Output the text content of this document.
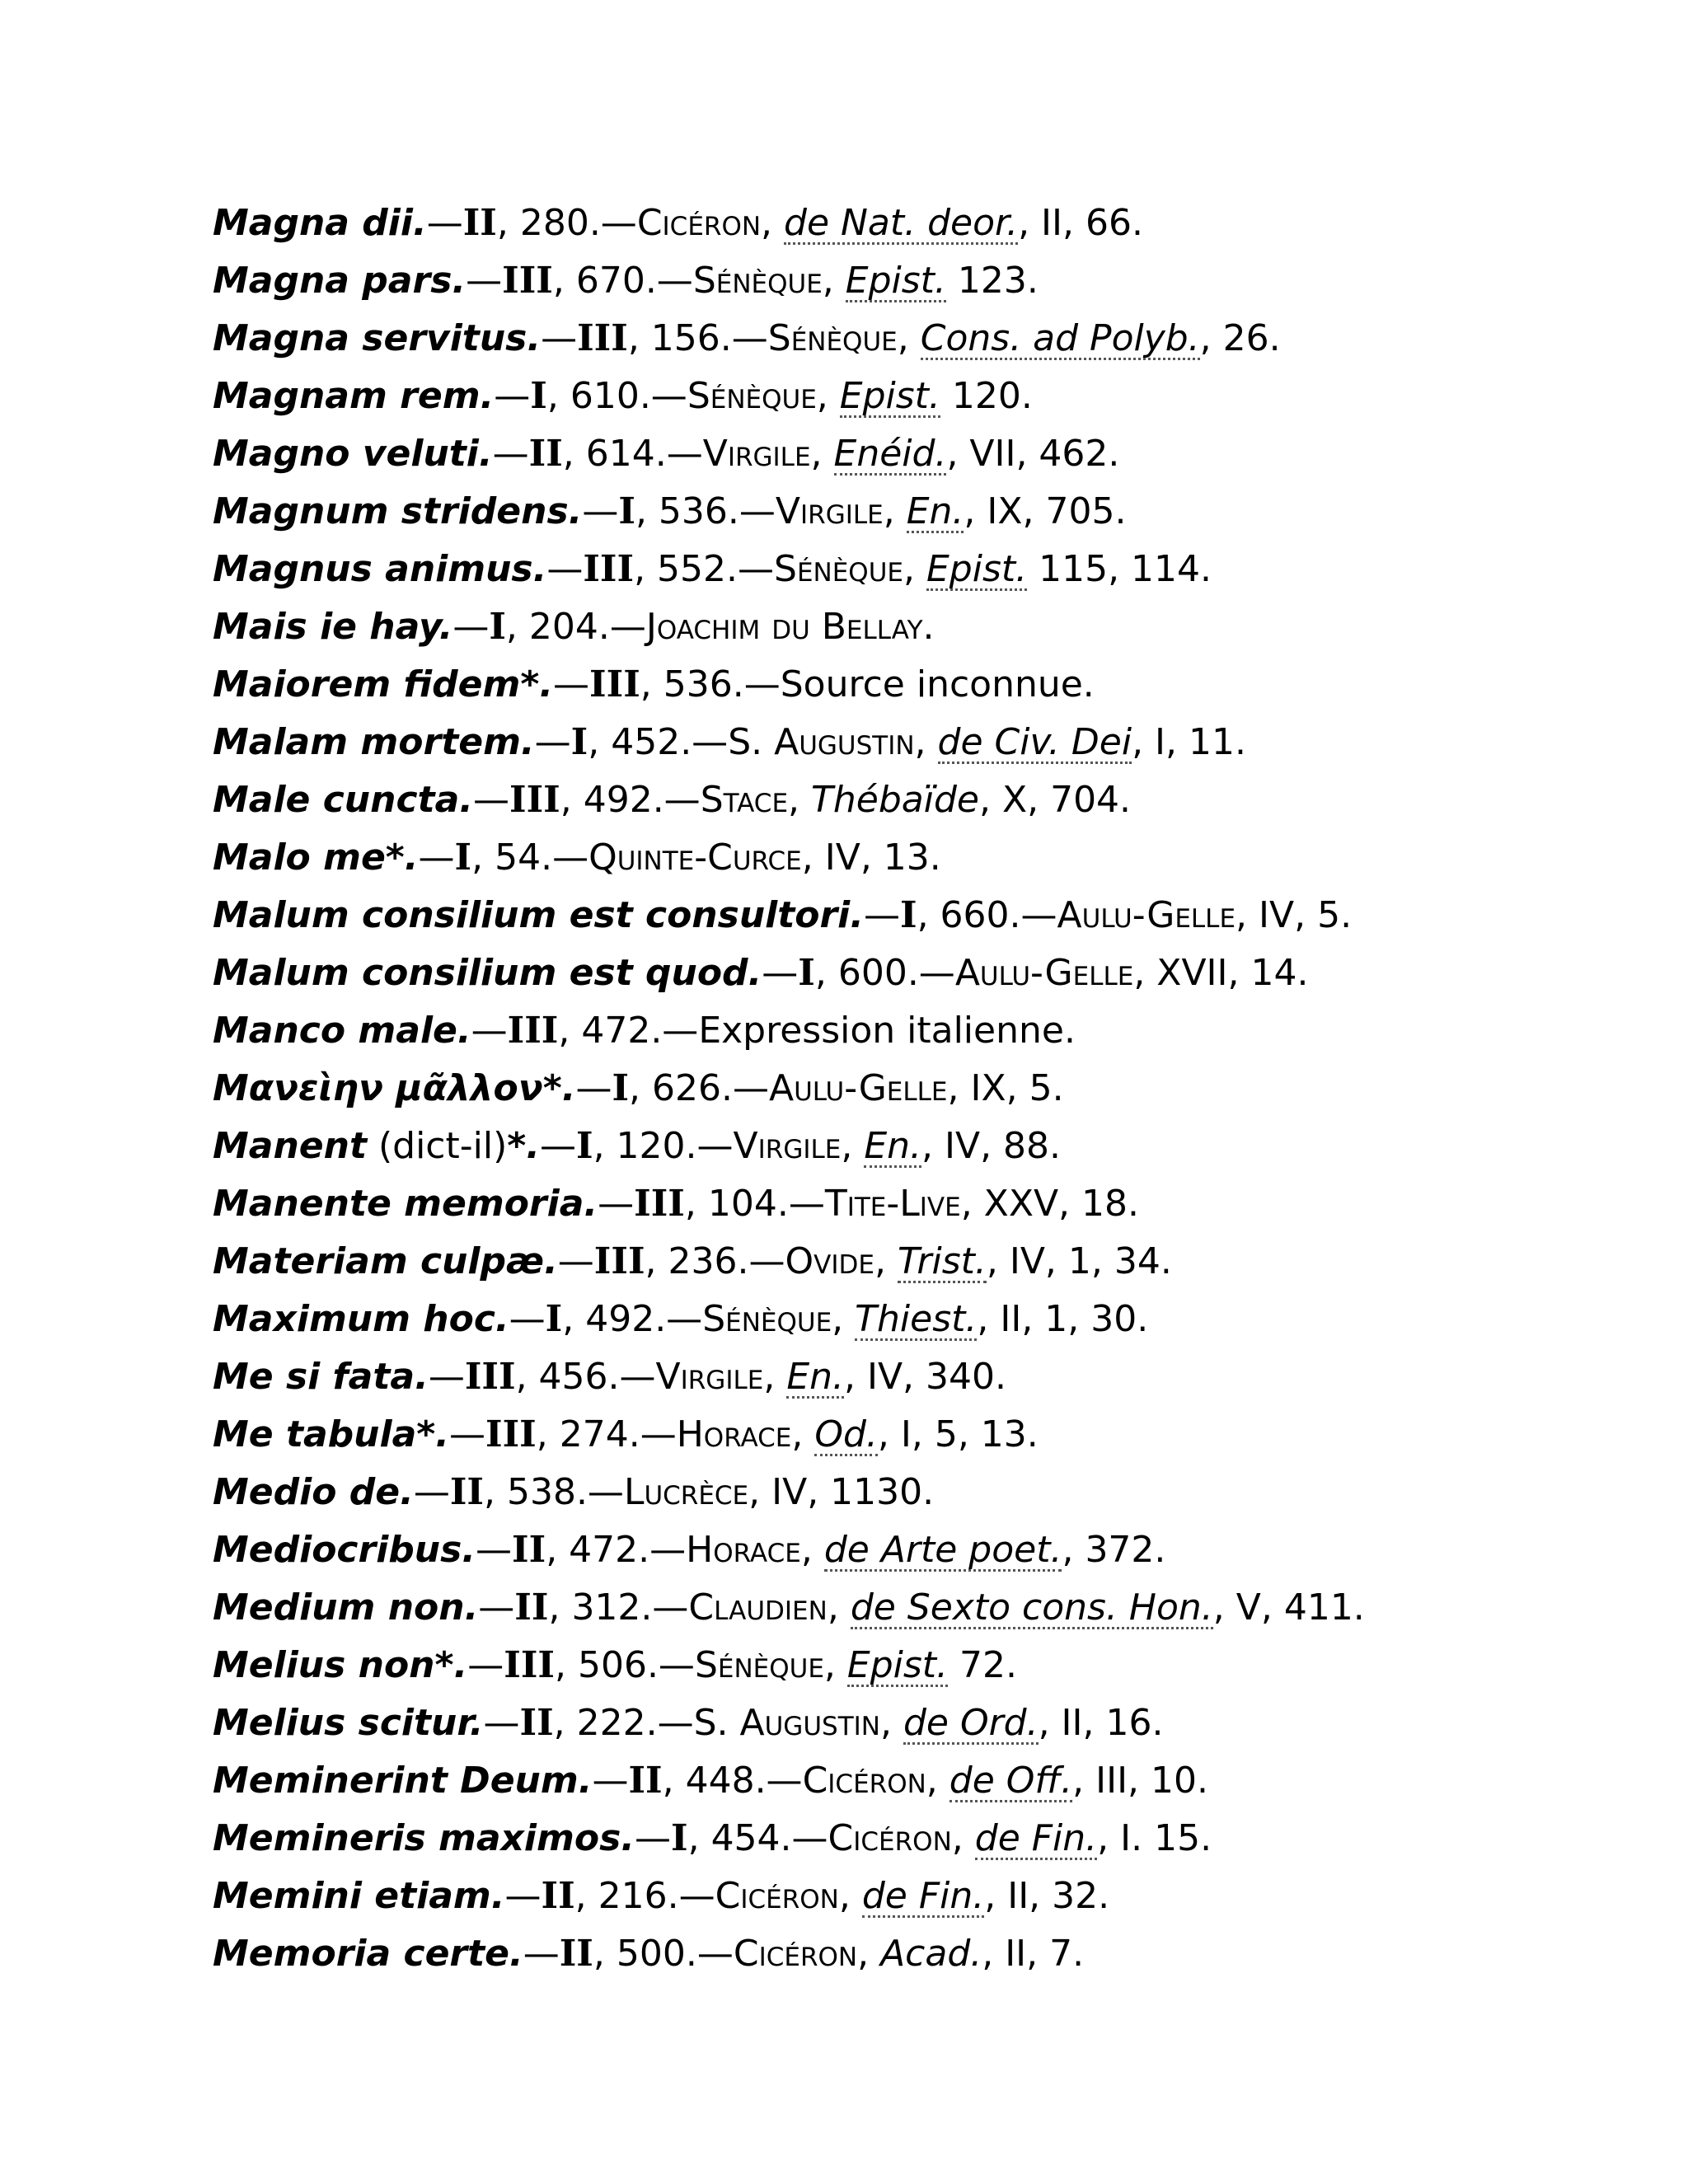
Magna dii.—II, 280.—Cicéron, de Nat. deor., II, 66.
Magna pars.—III, 670.—Sénèque, Epist. 123.
Magna servitus.—III, 156.—Sénèque, Cons. ad Polyb., 26.
Magnam rem.—I, 610.—Sénèque, Epist. 120.
Magno veluti.—II, 614.—Virgile, Enéid., VII, 462.
Magnum stridens.—I, 536.—Virgile, En., IX, 705.
Magnus animus.—III, 552.—Sénèque, Epist. 115, 114.
Mais ie hay.—I, 204.—Joachim du Bellay.
Maiorem fidem*.—III, 536.—Source inconnue.
Malam mortem.—I, 452.—S. Augustin, de Civ. Dei, I, 11.
Male cuncta.—III, 492.—Stace, Thébaïde, X, 704.
Malo me*.—I, 54.—Quinte-Curce, IV, 13.
Malum consilium est consultori.—I, 660.—Aulu-Gelle, IV, 5.
Malum consilium est quod.—I, 600.—Aulu-Gelle, XVII, 14.
Manco male.—III, 472.—Expression italienne.
Μανεὶην μᾶλλον*.—I, 626.—Aulu-Gelle, IX, 5.
Manent (dict-il)*.—I, 120.—Virgile, En., IV, 88.
Manente memoria.—III, 104.—Tite-Live, XXV, 18.
Materiam culpæ.—III, 236.—Ovide, Trist., IV, 1, 34.
Maximum hoc.—I, 492.—Sénèque, Thiest., II, 1, 30.
Me si fata.—III, 456.—Virgile, En., IV, 340.
Me tabula*.—III, 274.—Horace, Od., I, 5, 13.
Medio de.—II, 538.—Lucrèce, IV, 1130.
Mediocribus.—II, 472.—Horace, de Arte poet., 372.
Medium non.—II, 312.—Claudien, de Sexto cons. Hon., V, 411.
Melius non*.—III, 506.—Sénèque, Epist. 72.
Melius scitur.—II, 222.—S. Augustin, de Ord., II, 16.
Meminerint Deum.—II, 448.—Cicéron, de Off., III, 10.
Memineris maximos.—I, 454.—Cicéron, de Fin., I. 15.
Memini etiam.—II, 216.—Cicéron, de Fin., II, 32.
Memoria certe.—II, 500.—Cicéron, Acad., II, 7.
